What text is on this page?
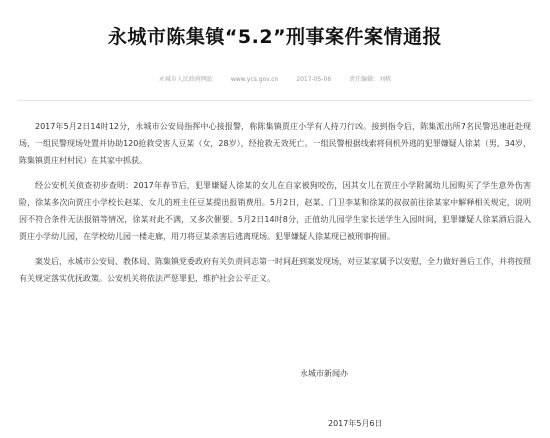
永城市陈集镇“5.2”刑事案件案情通报
永城市人民政府网站	www.ycs.gov.cn	2017-05-06	责任编辑：刘栋

2017年5月2日14时12分，永城市公安局指挥中心接报警，称陈集镇贾庄小学有人持刀行凶。接到指令后，陈集派出所7名民警迅速赶赴现场，一组民警现场处置并协助120抢救受害人豆某（女，28岁），经抢救无效死亡。一组民警根据线索将伺机外逃的犯罪嫌疑人徐某（男，34岁，陈集镇贾庄村村民）在其家中抓获。

经公安机关侦查初步查明：2017年春节后，犯罪嫌疑人徐某的女儿在自家被狗咬伤，因其女儿在贾庄小学附属幼儿园购买了学生意外伤害险，徐某多次向贾庄小学校长赵某、女儿的班主任豆某提出报销费用。5月2日，赵某、门卫李某和徐某的叔叔前往徐某家中解释相关规定，说明因不符合条件无法报销等情况，徐某对此不满，又多次催要。5月2日14时8分，正值幼儿园学生家长送学生入园时间，犯罪嫌疑人徐某酒后混入贾庄小学幼儿园，在学校幼儿园一楼走廊，用刀将豆某杀害后逃离现场。犯罪嫌疑人徐某现已被刑事拘留。

案发后，永城市公安局、教体局、陈集镇党委政府有关负责同志第一时间赶到案发现场，对豆某家属予以安慰，全力做好善后工作，并将按照有关规定落实优抚政策。公安机关将依法严惩罪犯，维护社会公平正义。

永城市新闻办
2017年5月6日
